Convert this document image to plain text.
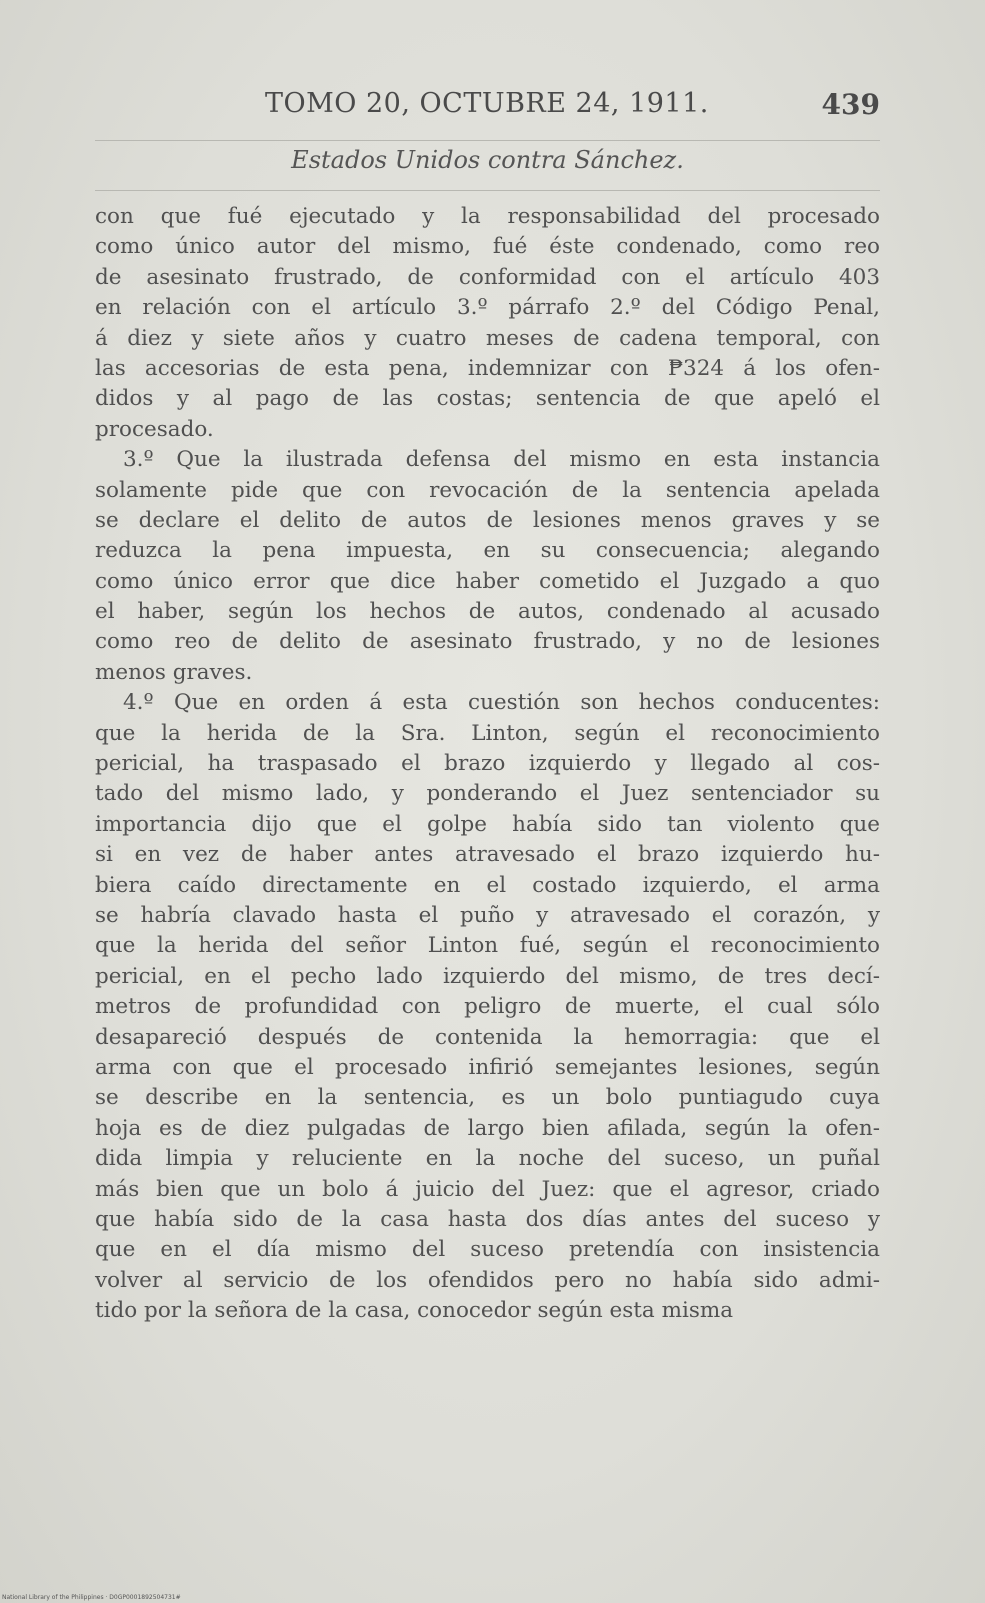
TOMO 20, OCTUBRE 24, 1911.	439
Estados Unidos contra Sánchez.
con que fué ejecutado y la responsabilidad del procesado
como único autor del mismo, fué éste condenado, como reo
de asesinato frustrado, de conformidad con el artículo 403
en relación con el artículo 3.º párrafo 2.º del Código Penal,
á diez y siete años y cuatro meses de cadena temporal, con
las accesorias de esta pena, indemnizar con ₱324 á los ofen-
didos y al pago de las costas; sentencia de que apeló el
procesado.
3.º Que la ilustrada defensa del mismo en esta instancia
solamente pide que con revocación de la sentencia apelada
se declare el delito de autos de lesiones menos graves y se
reduzca la pena impuesta, en su consecuencia; alegando
como único error que dice haber cometido el Juzgado a quo
el haber, según los hechos de autos, condenado al acusado
como reo de delito de asesinato frustrado, y no de lesiones
menos graves.
4.º Que en orden á esta cuestión son hechos conducentes:
que la herida de la Sra. Linton, según el reconocimiento
pericial, ha traspasado el brazo izquierdo y llegado al cos-
tado del mismo lado, y ponderando el Juez sentenciador su
importancia dijo que el golpe había sido tan violento que
si en vez de haber antes atravesado el brazo izquierdo hu-
biera caído directamente en el costado izquierdo, el arma
se habría clavado hasta el puño y atravesado el corazón, y
que la herida del señor Linton fué, según el reconocimiento
pericial, en el pecho lado izquierdo del mismo, de tres decí-
metros de profundidad con peligro de muerte, el cual sólo
desapareció después de contenida la hemorragia: que el
arma con que el procesado infirió semejantes lesiones, según
se describe en la sentencia, es un bolo puntiagudo cuya
hoja es de diez pulgadas de largo bien afilada, según la ofen-
dida limpia y reluciente en la noche del suceso, un puñal
más bien que un bolo á juicio del Juez: que el agresor, criado
que había sido de la casa hasta dos días antes del suceso y
que en el día mismo del suceso pretendía con insistencia
volver al servicio de los ofendidos pero no había sido admi-
tido por la señora de la casa, conocedor según esta misma
National Library of the Philippines · D0GP0001892504731#
